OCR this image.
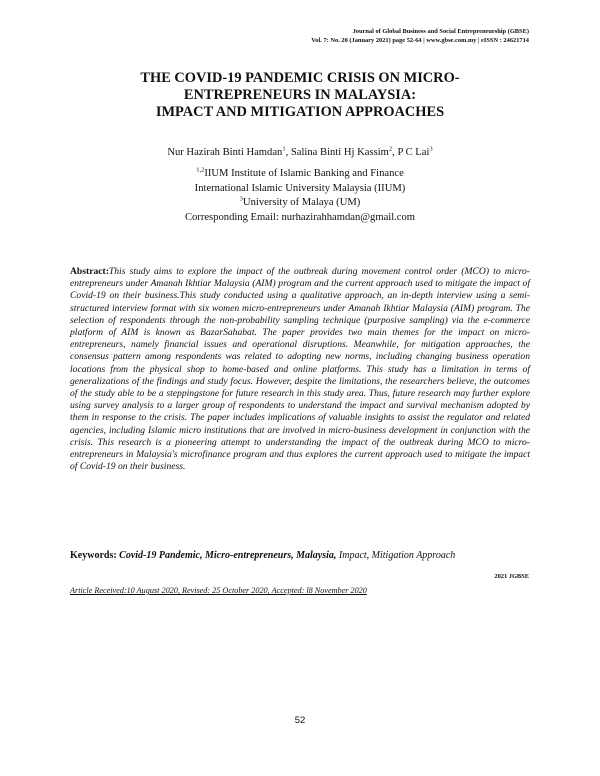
Journal of Global Business and Social Entrepreneurship (GBSE)
Vol. 7: No. 20 (January 2021) page 52-64 | www.gbse.com.my | eISSN : 24621714
THE COVID-19 PANDEMIC CRISIS ON MICRO-
ENTREPRENEURS IN MALAYSIA:
IMPACT AND MITIGATION APPROACHES
Nur Hazirah Binti Hamdan$^1$, Salina Binti Hj Kassim$^2$, P C Lai$^3$
$^{1,2}$IIUM Institute of Islamic Banking and Finance
International Islamic University Malaysia (IIUM)
$^3$University of Malaya (UM)
Corresponding Email: nurhazirahhamdan@gmail.com
Abstract:This study aims to explore the impact of the outbreak during movement control order (MCO) to micro-entrepreneurs under Amanah Ikhtiar Malaysia (AIM) program and the current approach used to mitigate the impact of Covid-19 on their business.This study conducted using a qualitative approach, an in-depth interview using a semi-structured interview format with six women micro-entrepreneurs under Amanah Ikhtiar Malaysia (AIM) program. The selection of respondents through the non-probability sampling technique (purposive sampling) via the e-commerce platform of AIM is known as BazarSahabat. The paper provides two main themes for the impact on micro-entrepreneurs, namely financial issues and operational disruptions. Meanwhile, for mitigation approaches, the consensus pattern among respondents was related to adopting new norms, including changing business operation locations from the physical shop to home-based and online platforms. This study has a limitation in terms of generalizations of the findings and study focus. However, despite the limitations, the researchers believe, the outcomes of the study able to be a steppingstone for future research in this study area. Thus, future research may further explore using survey analysis to a larger group of respondents to understand the impact and survival mechanism adopted by them in response to the crisis. The paper includes implications of valuable insights to assist the regulator and related agencies, including Islamic micro institutions that are involved in micro-business development in conjunction with the crisis. This research is a pioneering attempt to understanding the impact of the outbreak during MCO to micro-entrepreneurs in Malaysia's microfinance program and thus explores the current approach used to mitigate the impact of Covid-19 on their business.
Keywords: Covid-19 Pandemic, Micro-entrepreneurs, Malaysia, Impact, Mitigation Approach
2021 JGBSE
Article Received:10 August 2020, Revised: 25 October 2020, Accepted: l8 November 2020
52
